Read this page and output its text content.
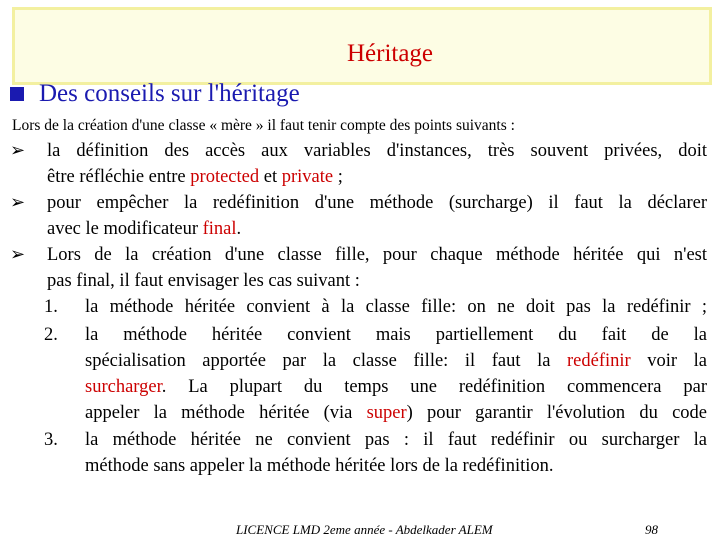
Héritage
Des conseils sur l'héritage
Lors de la création d'une classe « mère » il faut tenir compte des points suivants :
➢ la définition des accès aux variables d'instances, très souvent privées, doit
être réfléchie entre protected et private ;
➢ pour empêcher la redéfinition d'une méthode (surcharge) il faut la déclarer
avec le modificateur final.
➢ Lors de la création d'une classe fille, pour chaque méthode héritée qui n'est
pas final, il faut envisager les cas suivant :
1. la méthode héritée convient à la classe fille: on ne doit pas la redéfinir ;
2. la méthode héritée convient mais partiellement du fait de la
spécialisation apportée par la classe fille: il faut la redéfinir voir la
surcharger. La plupart du temps une redéfinition commencera par
appeler la méthode héritée (via super) pour garantir l'évolution du code
3. la méthode héritée ne convient pas : il faut redéfinir ou surcharger la
méthode sans appeler la méthode héritée lors de la redéfinition.
LICENCE LMD 2eme année - Abdelkader ALEM	98
